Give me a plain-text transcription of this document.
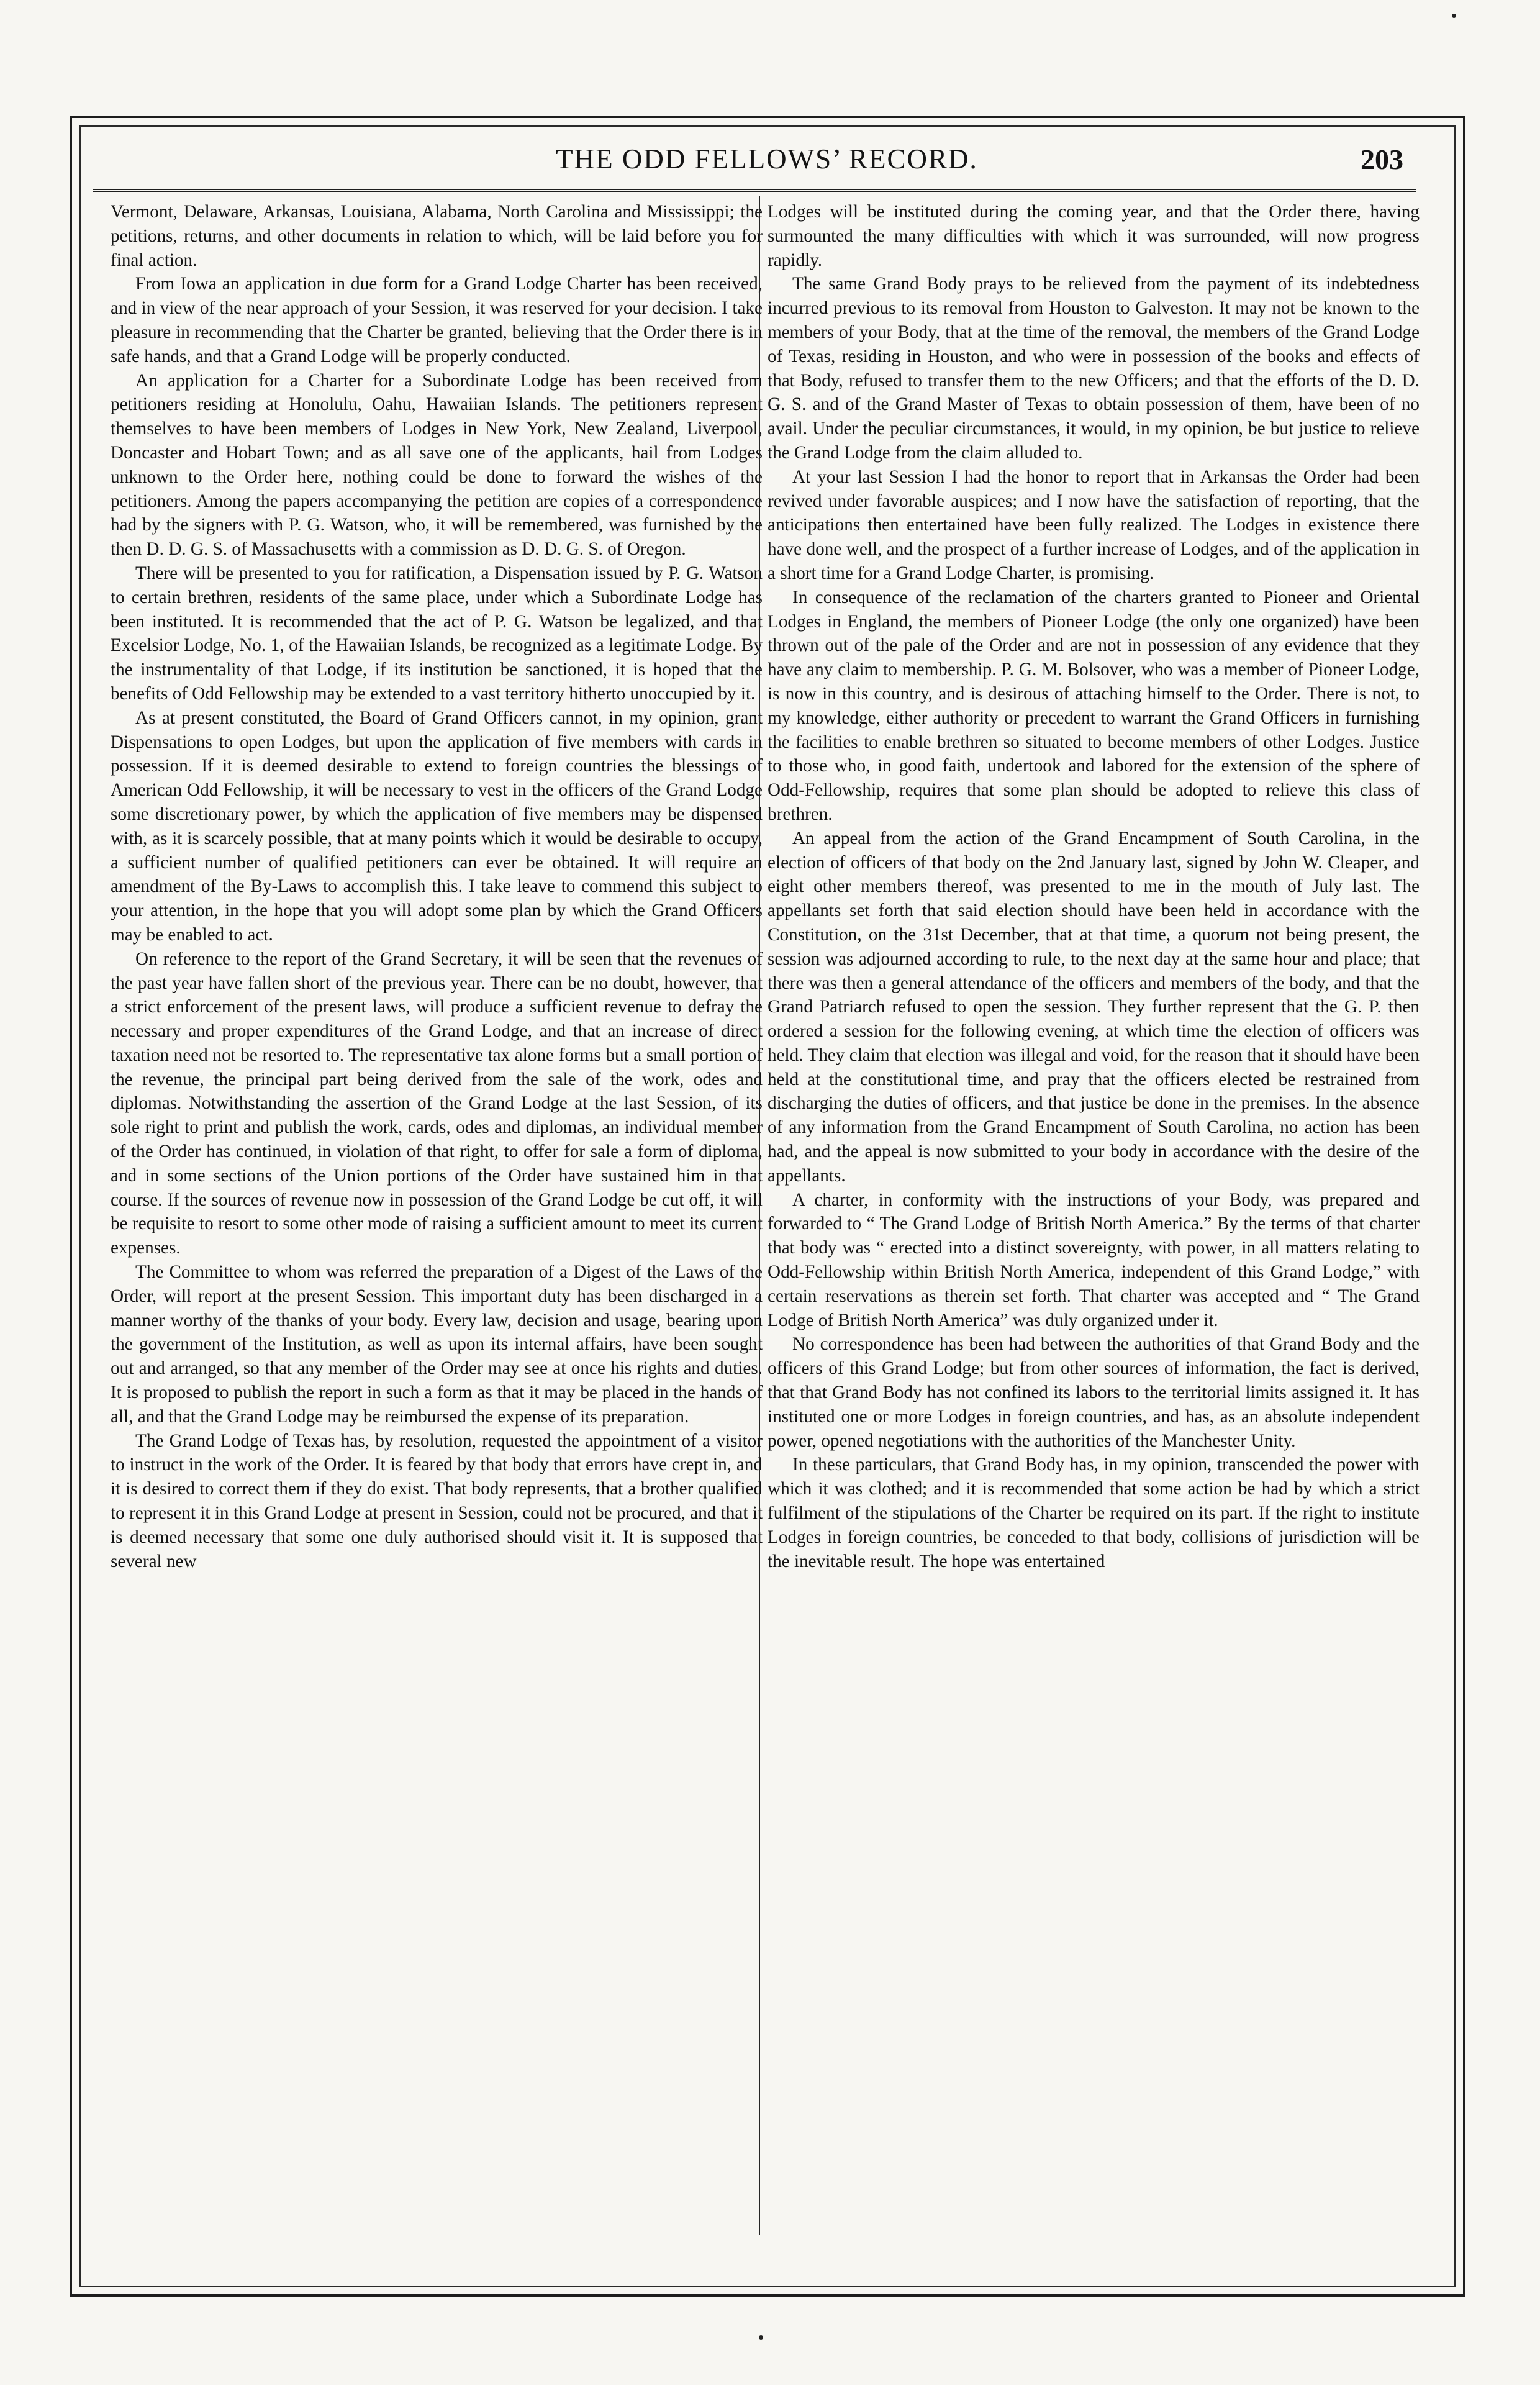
THE ODD FELLOWS’ RECORD.	203

Vermont, Delaware, Arkansas, Louisiana, Alabama, North Carolina and Mississippi; the petitions, returns, and other documents in relation to which, will be laid before you for final action.

From Iowa an application in due form for a Grand Lodge Charter has been received, and in view of the near approach of your Session, it was reserved for your decision. I take pleasure in recommending that the Charter be granted, believing that the Order there is in safe hands, and that a Grand Lodge will be properly conducted.

An application for a Charter for a Subordinate Lodge has been received from petitioners residing at Honolulu, Oahu, Hawaiian Islands. The petitioners represent themselves to have been members of Lodges in New York, New Zealand, Liverpool, Doncaster and Hobart Town; and as all save one of the applicants, hail from Lodges unknown to the Order here, nothing could be done to forward the wishes of the petitioners. Among the papers accompanying the petition are copies of a correspondence had by the signers with P. G. Watson, who, it will be remembered, was furnished by the then D. D. G. S. of Massachusetts with a commission as D. D. G. S. of Oregon.

There will be presented to you for ratification, a Dispensation issued by P. G. Watson to certain brethren, residents of the same place, under which a Subordinate Lodge has been instituted. It is recommended that the act of P. G. Watson be legalized, and that Excelsior Lodge, No. 1, of the Hawaiian Islands, be recognized as a legitimate Lodge. By the instrumentality of that Lodge, if its institution be sanctioned, it is hoped that the benefits of Odd Fellowship may be extended to a vast territory hitherto unoccupied by it.

As at present constituted, the Board of Grand Officers cannot, in my opinion, grant Dispensations to open Lodges, but upon the application of five members with cards in possession. If it is deemed desirable to extend to foreign countries the blessings of American Odd Fellowship, it will be necessary to vest in the officers of the Grand Lodge some discretionary power, by which the application of five members may be dispensed with, as it is scarcely possible, that at many points which it would be desirable to occupy, a sufficient number of qualified petitioners can ever be obtained. It will require an amendment of the By-Laws to accomplish this. I take leave to commend this subject to your attention, in the hope that you will adopt some plan by which the Grand Officers may be enabled to act.

On reference to the report of the Grand Secretary, it will be seen that the revenues of the past year have fallen short of the previous year. There can be no doubt, however, that a strict enforcement of the present laws, will produce a sufficient revenue to defray the necessary and proper expenditures of the Grand Lodge, and that an increase of direct taxation need not be resorted to. The representative tax alone forms but a small portion of the revenue, the principal part being derived from the sale of the work, odes and diplomas. Notwithstanding the assertion of the Grand Lodge at the last Session, of its sole right to print and publish the work, cards, odes and diplomas, an individual member of the Order has continued, in violation of that right, to offer for sale a form of diploma, and in some sections of the Union portions of the Order have sustained him in that course. If the sources of revenue now in possession of the Grand Lodge be cut off, it will be requisite to resort to some other mode of raising a sufficient amount to meet its current expenses.

The Committee to whom was referred the preparation of a Digest of the Laws of the Order, will report at the present Session. This important duty has been discharged in a manner worthy of the thanks of your body. Every law, decision and usage, bearing upon the government of the Institution, as well as upon its internal affairs, have been sought out and arranged, so that any member of the Order may see at once his rights and duties. It is proposed to publish the report in such a form as that it may be placed in the hands of all, and that the Grand Lodge may be reimbursed the expense of its preparation.

The Grand Lodge of Texas has, by resolution, requested the appointment of a visitor to instruct in the work of the Order. It is feared by that body that errors have crept in, and it is desired to correct them if they do exist. That body represents, that a brother qualified to represent it in this Grand Lodge at present in Session, could not be procured, and that it is deemed necessary that some one duly authorised should visit it. It is supposed that several new

Lodges will be instituted during the coming year, and that the Order there, having surmounted the many difficulties with which it was surrounded, will now progress rapidly.

The same Grand Body prays to be relieved from the payment of its indebtedness incurred previous to its removal from Houston to Galveston. It may not be known to the members of your Body, that at the time of the removal, the members of the Grand Lodge of Texas, residing in Houston, and who were in possession of the books and effects of that Body, refused to transfer them to the new Officers; and that the efforts of the D. D. G. S. and of the Grand Master of Texas to obtain possession of them, have been of no avail. Under the peculiar circumstances, it would, in my opinion, be but justice to relieve the Grand Lodge from the claim alluded to.

At your last Session I had the honor to report that in Arkansas the Order had been revived under favorable auspices; and I now have the satisfaction of reporting, that the anticipations then entertained have been fully realized. The Lodges in existence there have done well, and the prospect of a further increase of Lodges, and of the application in a short time for a Grand Lodge Charter, is promising.

In consequence of the reclamation of the charters granted to Pioneer and Oriental Lodges in England, the members of Pioneer Lodge (the only one organized) have been thrown out of the pale of the Order and are not in possession of any evidence that they have any claim to membership. P. G. M. Bolsover, who was a member of Pioneer Lodge, is now in this country, and is desirous of attaching himself to the Order. There is not, to my knowledge, either authority or precedent to warrant the Grand Officers in furnishing the facilities to enable brethren so situated to become members of other Lodges. Justice to those who, in good faith, undertook and labored for the extension of the sphere of Odd-Fellowship, requires that some plan should be adopted to relieve this class of brethren.

An appeal from the action of the Grand Encampment of South Carolina, in the election of officers of that body on the 2nd January last, signed by John W. Cleaper, and eight other members thereof, was presented to me in the mouth of July last. The appellants set forth that said election should have been held in accordance with the Constitution, on the 31st December, that at that time, a quorum not being present, the session was adjourned according to rule, to the next day at the same hour and place; that there was then a general attendance of the officers and members of the body, and that the Grand Patriarch refused to open the session. They further represent that the G. P. then ordered a session for the following evening, at which time the election of officers was held. They claim that election was illegal and void, for the reason that it should have been held at the constitutional time, and pray that the officers elected be restrained from discharging the duties of officers, and that justice be done in the premises. In the absence of any information from the Grand Encampment of South Carolina, no action has been had, and the appeal is now submitted to your body in accordance with the desire of the appellants.

A charter, in conformity with the instructions of your Body, was prepared and forwarded to “ The Grand Lodge of British North America.” By the terms of that charter that body was “ erected into a distinct sovereignty, with power, in all matters relating to Odd-Fellowship within British North America, independent of this Grand Lodge,” with certain reservations as therein set forth. That charter was accepted and “ The Grand Lodge of British North America” was duly organized under it.

No correspondence has been had between the authorities of that Grand Body and the officers of this Grand Lodge; but from other sources of information, the fact is derived, that that Grand Body has not confined its labors to the territorial limits assigned it. It has instituted one or more Lodges in foreign countries, and has, as an absolute independent power, opened negotiations with the authorities of the Manchester Unity.

In these particulars, that Grand Body has, in my opinion, transcended the power with which it was clothed; and it is recommended that some action be had by which a strict fulfilment of the stipulations of the Charter be required on its part. If the right to institute Lodges in foreign countries, be conceded to that body, collisions of jurisdiction will be the inevitable result. The hope was entertained
